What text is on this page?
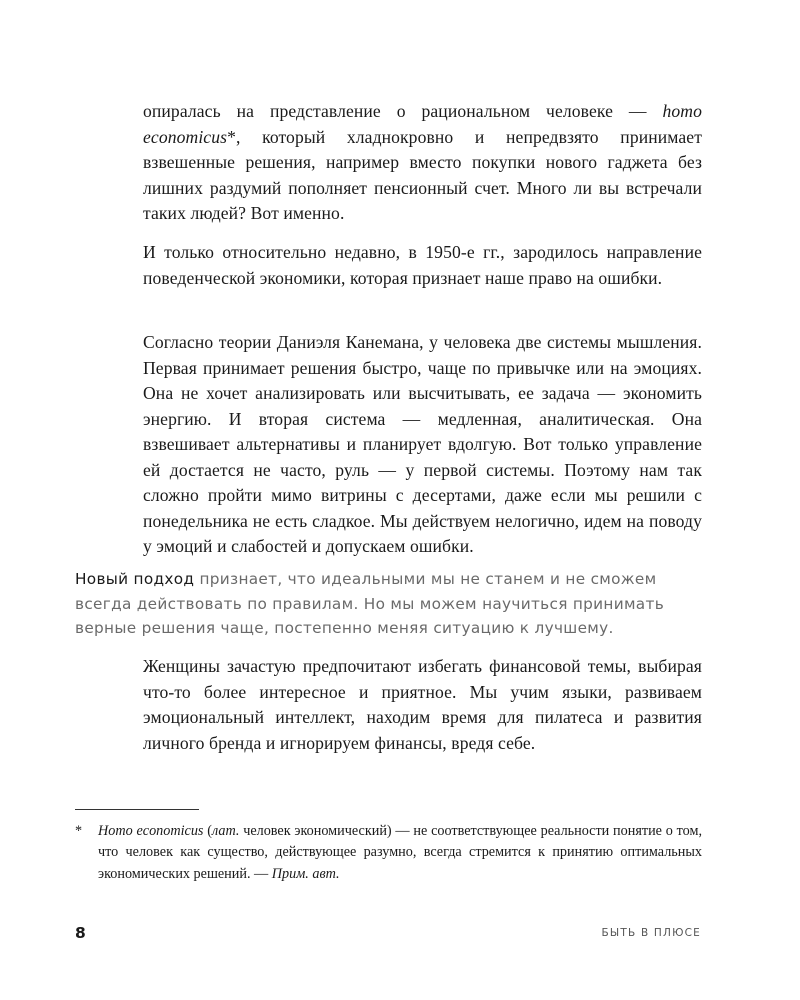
опиралась на представление о рациональном человеке — homo economicus*, который хладнокровно и непредвзято принимает взвешенные решения, например вместо покупки нового гаджета без лишних раздумий пополняет пенсионный счет. Много ли вы встречали таких людей? Вот именно.

И только относительно недавно, в 1950-е гг., зародилось направление поведенческой экономики, которая признает наше право на ошибки.

Согласно теории Даниэля Канемана, у человека две системы мышления. Первая принимает решения быстро, чаще по привычке или на эмоциях. Она не хочет анализировать или высчитывать, ее задача — экономить энергию. И вторая система — медленная, аналитическая. Она взвешивает альтернативы и планирует вдолгую. Вот только управление ей достается не часто, руль — у первой системы. Поэтому нам так сложно пройти мимо витрины с десертами, даже если мы решили с понедельника не есть сладкое. Мы действуем нелогично, идем на поводу у эмоций и слабостей и допускаем ошибки.

Новый подход признает, что идеальными мы не станем и не сможем всегда действовать по правилам. Но мы можем научиться принимать верные решения чаще, постепенно меняя ситуацию к лучшему.

Женщины зачастую предпочитают избегать финансовой темы, выбирая что-то более интересное и приятное. Мы учим языки, развиваем эмоциональный интеллект, находим время для пилатеса и развития личного бренда и игнорируем финансы, вредя себе.

* Homo economicus (лат. человек экономический) — не соответствующее реальности понятие о том, что человек как существо, действующее разумно, всегда стремится к принятию оптимальных экономических решений. — Прим. авт.

8	БЫТЬ В ПЛЮСЕ
